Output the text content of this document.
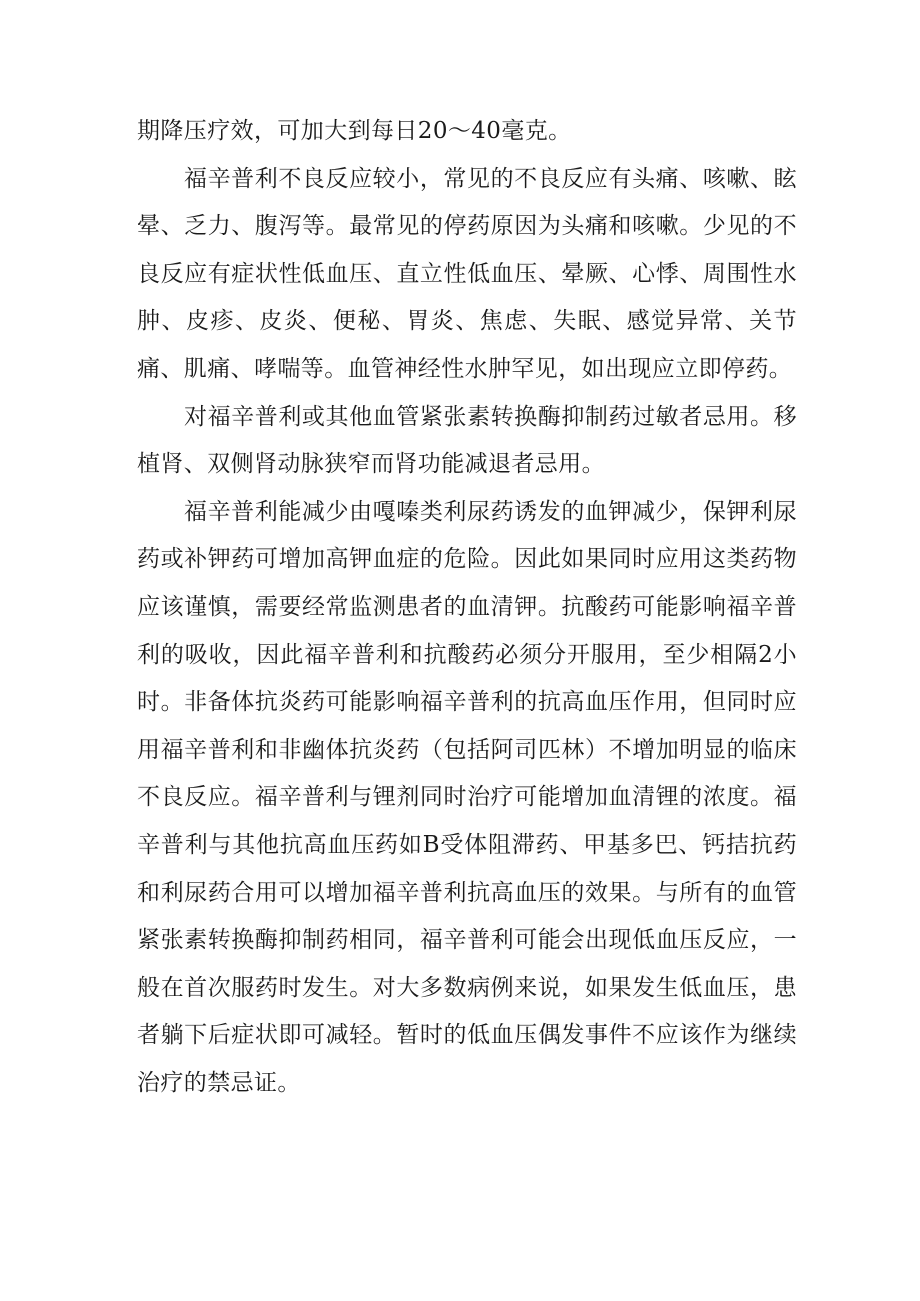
期降压疗效，可加大到每日20～40毫克。

福辛普利不良反应较小，常见的不良反应有头痛、咳嗽、眩晕、乏力、腹泻等。最常见的停药原因为头痛和咳嗽。少见的不良反应有症状性低血压、直立性低血压、晕厥、心悸、周围性水肿、皮疹、皮炎、便秘、胃炎、焦虑、失眠、感觉异常、关节痛、肌痛、哮喘等。血管神经性水肿罕见，如出现应立即停药。

对福辛普利或其他血管紧张素转换酶抑制药过敏者忌用。移植肾、双侧肾动脉狭窄而肾功能减退者忌用。

福辛普利能减少由嘎嗪类利尿药诱发的血钾减少，保钾利尿药或补钾药可增加高钾血症的危险。因此如果同时应用这类药物应该谨慎，需要经常监测患者的血清钾。抗酸药可能影响福辛普利的吸收，因此福辛普利和抗酸药必须分开服用，至少相隔2小时。非备体抗炎药可能影响福辛普利的抗高血压作用，但同时应用福辛普利和非幽体抗炎药（包括阿司匹林）不增加明显的临床不良反应。福辛普利与锂剂同时治疗可能增加血清锂的浓度。福辛普利与其他抗高血压药如B受体阻滞药、甲基多巴、钙拮抗药和利尿药合用可以增加福辛普利抗高血压的效果。与所有的血管紧张素转换酶抑制药相同，福辛普利可能会出现低血压反应，一般在首次服药时发生。对大多数病例来说，如果发生低血压，患者躺下后症状即可减轻。暂时的低血压偶发事件不应该作为继续治疗的禁忌证。
